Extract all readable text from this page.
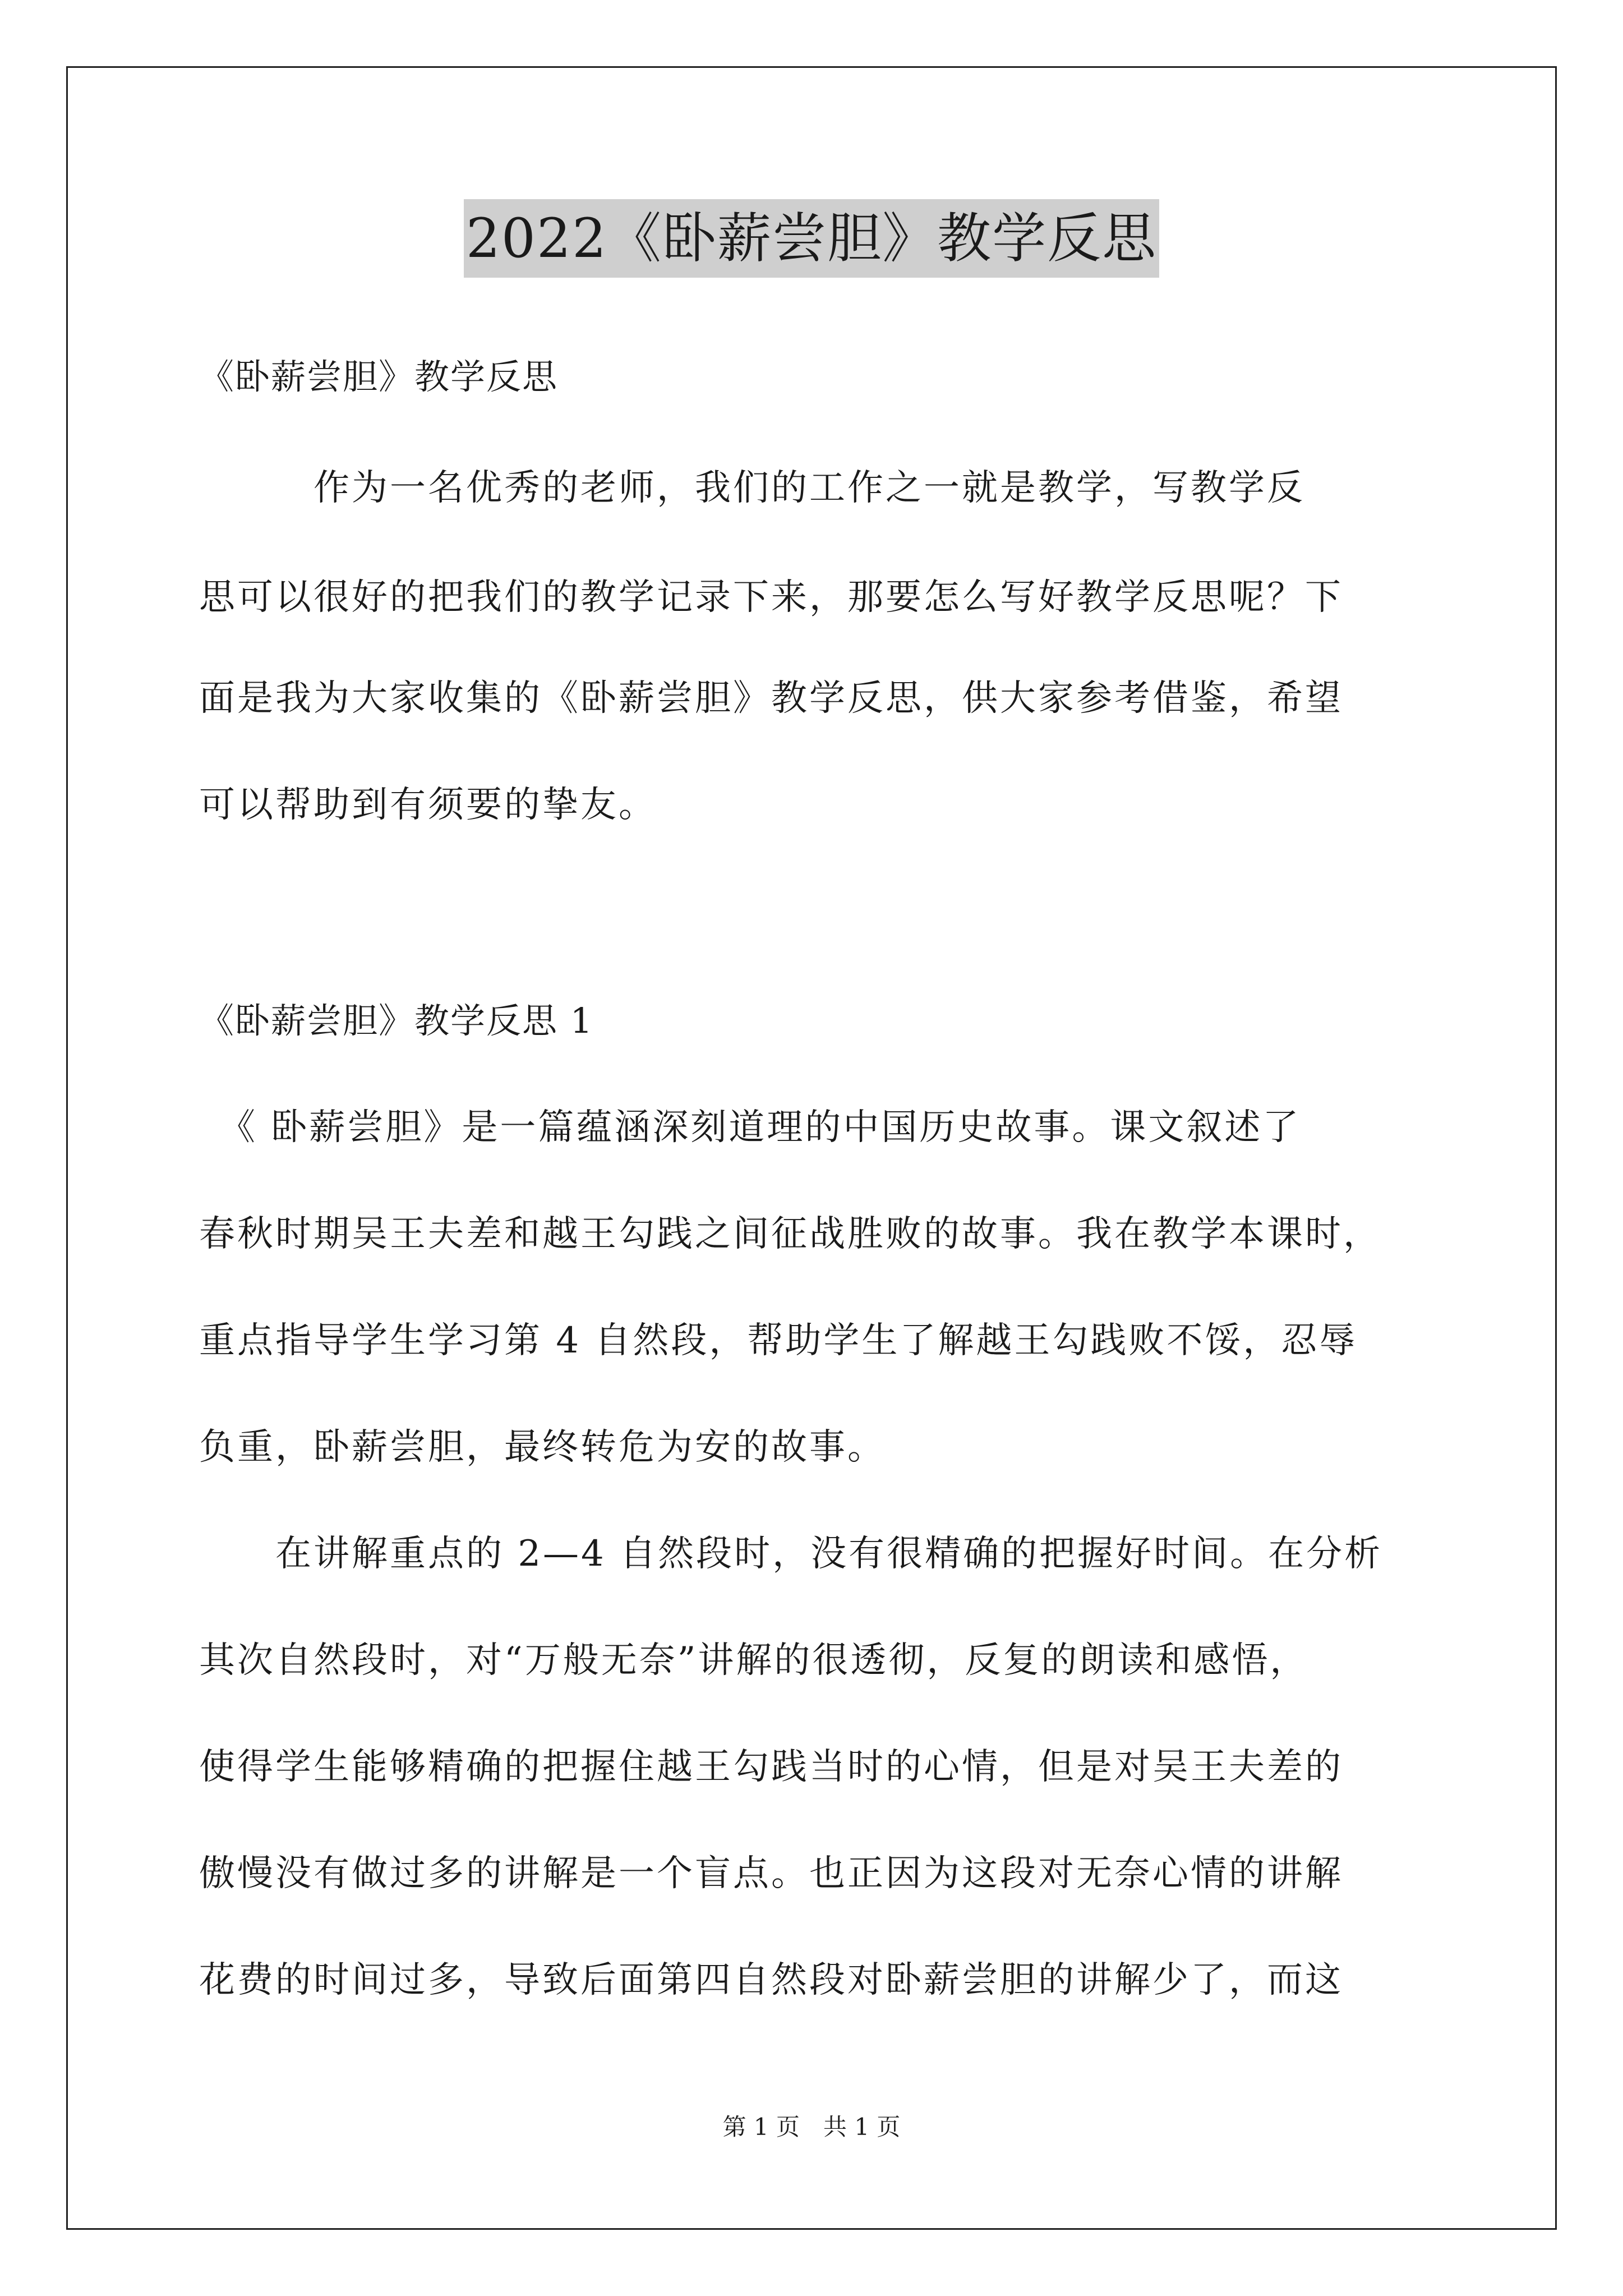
2022《卧薪尝胆》教学反思
《卧薪尝胆》教学反思
　　　作为一名优秀的老师，我们的工作之一就是教学，写教学反
思可以很好的把我们的教学记录下来，那要怎么写好教学反思呢？下
面是我为大家收集的《卧薪尝胆》教学反思，供大家参考借鉴，希望
可以帮助到有须要的挚友。
《卧薪尝胆》教学反思 1
　《 卧薪尝胆》是一篇蕴涵深刻道理的中国历史故事。课文叙述了
春秋时期吴王夫差和越王勾践之间征战胜败的故事。我在教学本课时，
重点指导学生学习第 4 自然段，帮助学生了解越王勾践败不馁，忍辱
负重，卧薪尝胆，最终转危为安的故事。
　　在讲解重点的 2—4 自然段时，没有很精确的把握好时间。在分析
其次自然段时，对“万般无奈”讲解的很透彻，反复的朗读和感悟，
使得学生能够精确的把握住越王勾践当时的心情，但是对吴王夫差的
傲慢没有做过多的讲解是一个盲点。也正因为这段对无奈心情的讲解
花费的时间过多，导致后面第四自然段对卧薪尝胆的讲解少了，而这
第 1 页　共 1 页
